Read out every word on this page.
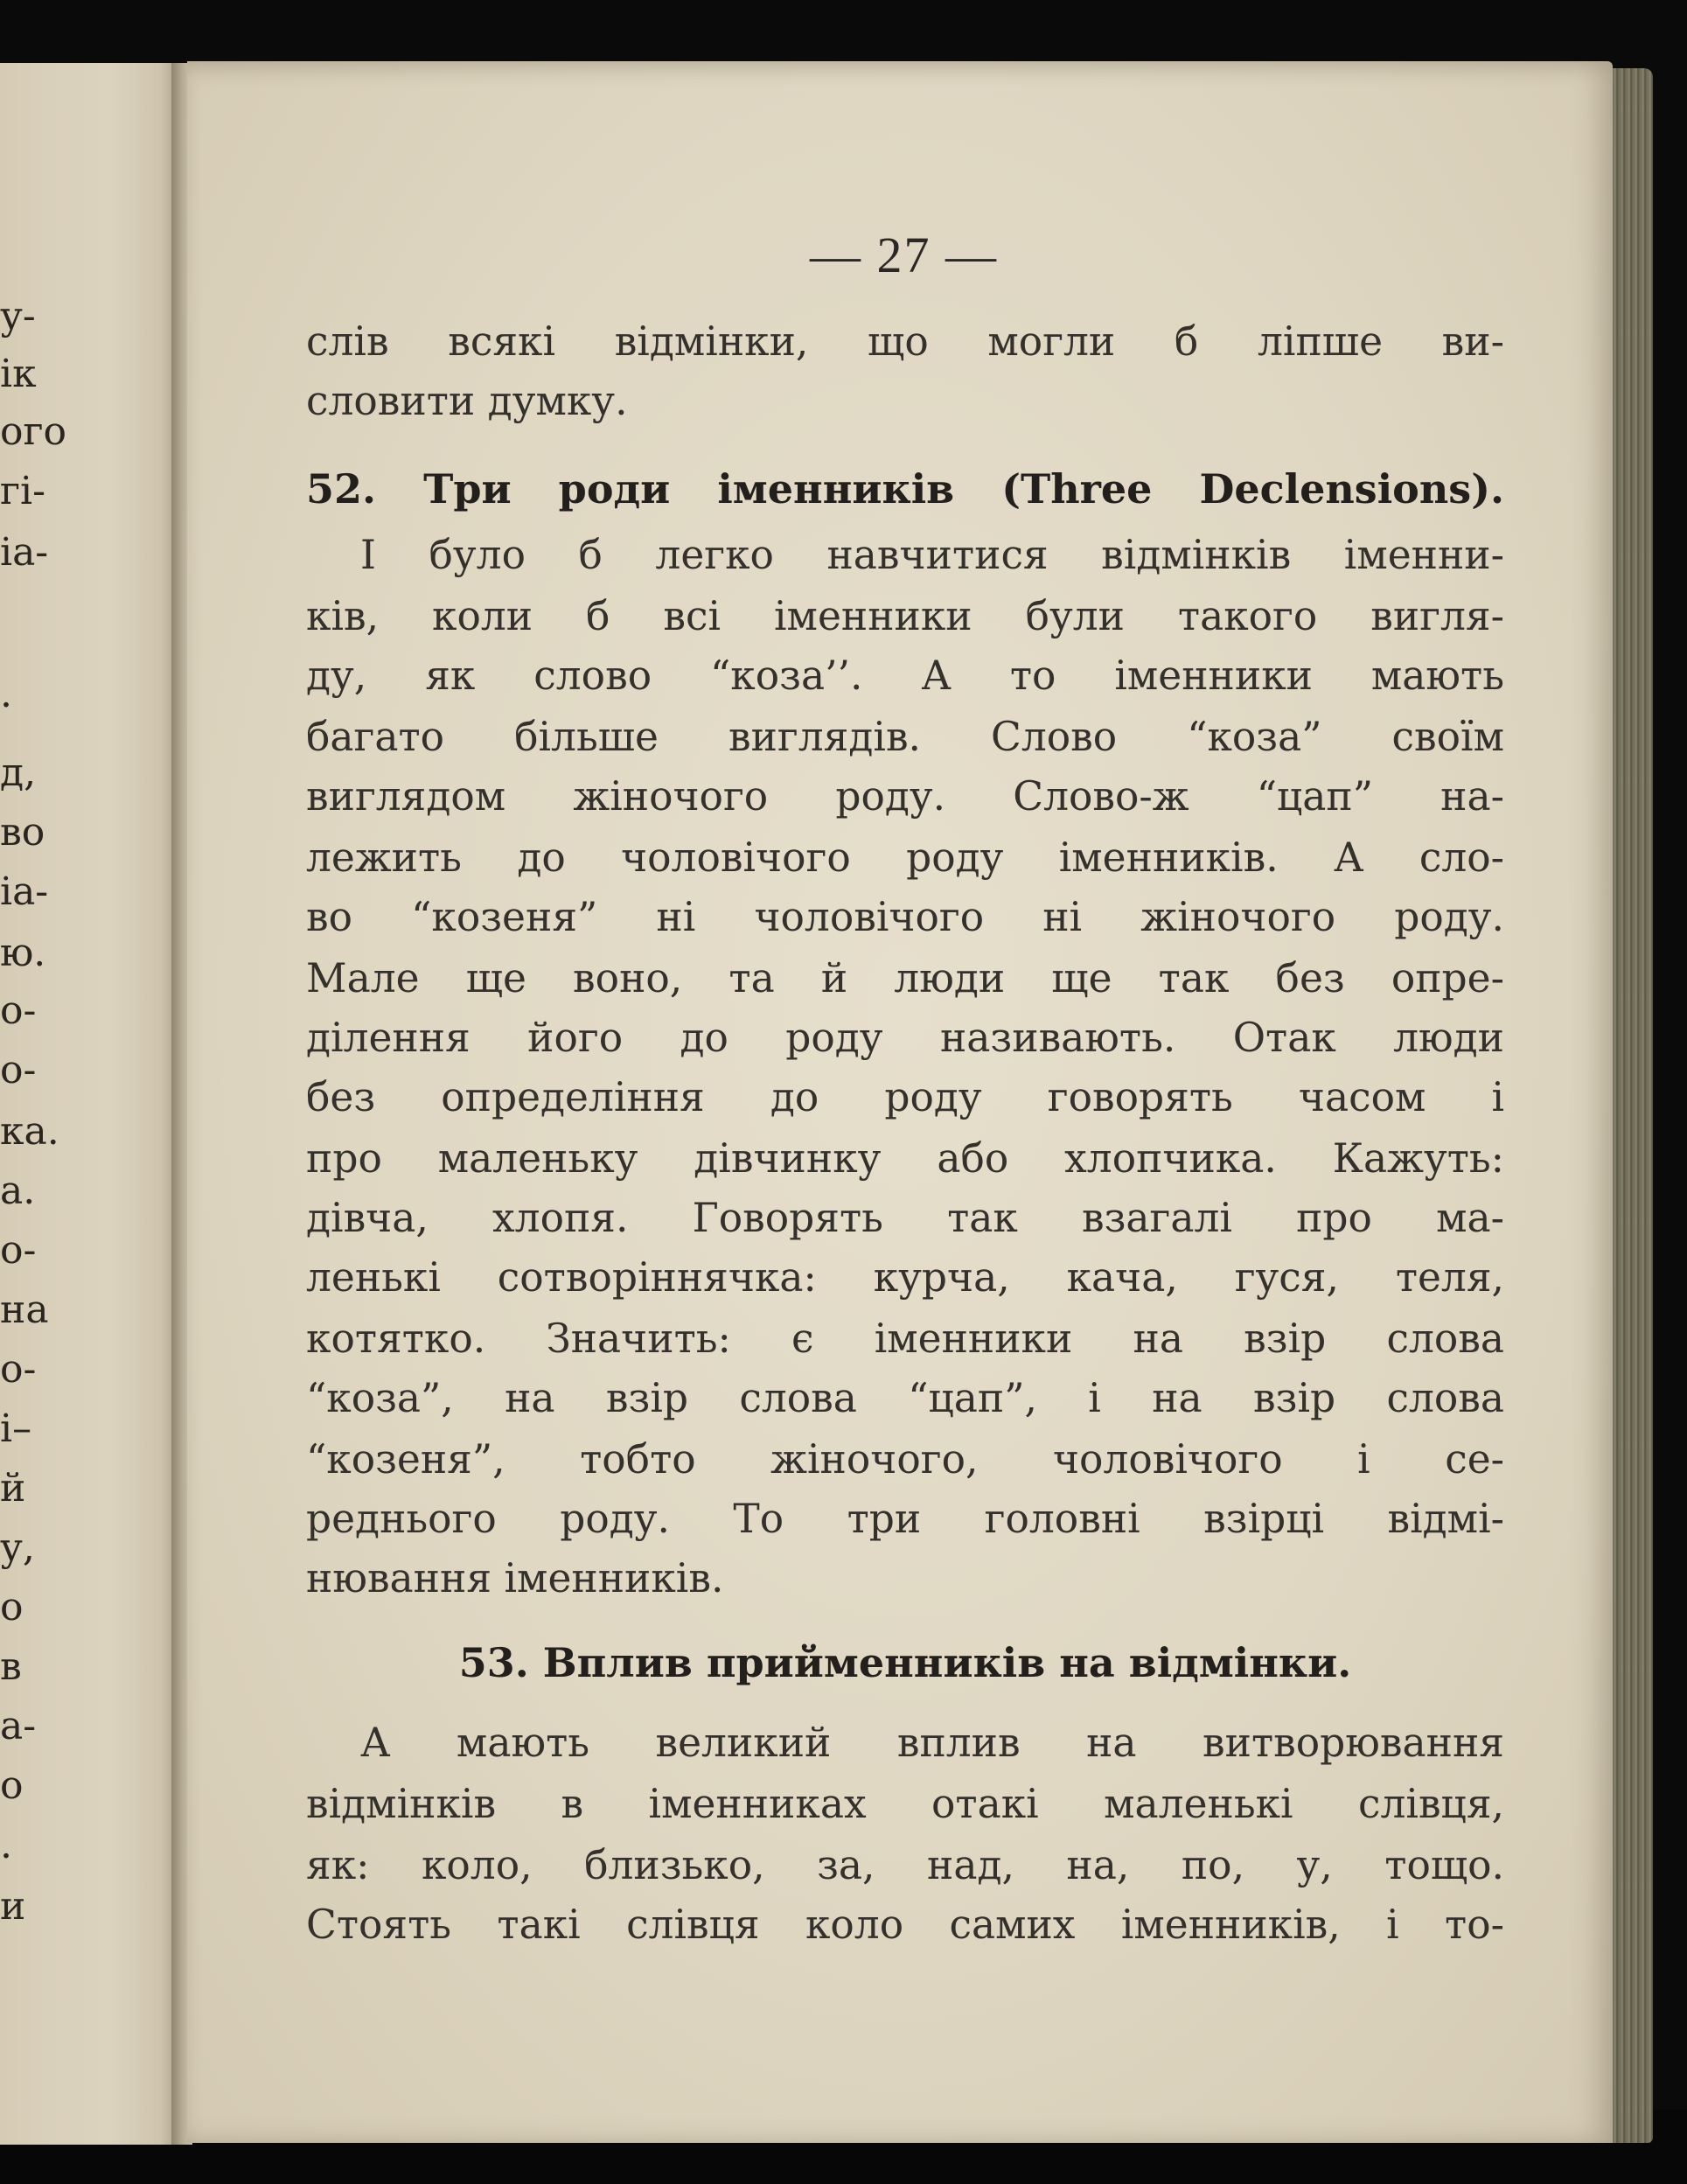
у-
ік
ого
гі-
іа-
.
д,
во
іа-
ю.
о-
о-
ка.
а.
о-
на
о-
і–
й
у,
о
в
а-
о
.
и
— 27 —
слів всякі відмінки, що могли б ліпше ви-
словити думку.
52. Три роди іменників (Three Declensions).
І було б легко навчитися відмінків іменни-
ків, коли б всі іменники були такого вигля-
ду, як слово “коза’’. А то іменники мають
багато більше виглядів. Слово “коза” своїм
виглядом жіночого роду. Слово-ж “цап” на-
лежить до чоловічого роду іменників. А сло-
во “козеня” ні чоловічого ні жіночого роду.
Мале ще воно, та й люди ще так без опре-
ділення його до роду називають. Отак люди
без определіння до роду говорять часом і
про маленьку дівчинку або хлопчика. Кажуть:
дівча, хлопя. Говорять так взагалі про ма-
ленькі сотворіннячка: курча, кача, гуся, теля,
котятко. Значить: є іменники на взір слова
“коза”, на взір слова “цап”, і на взір слова
“козеня”, тобто жіночого, чоловічого і се-
реднього роду. То три головні взірці відмі-
нювання іменників.
53. Вплив прийменників на відмінки.
А мають великий вплив на витворювання
відмінків в іменниках отакі маленькі слівця,
як: коло, близько, за, над, на, по, у, тощо.
Стоять такі слівця коло самих іменників, і то-
